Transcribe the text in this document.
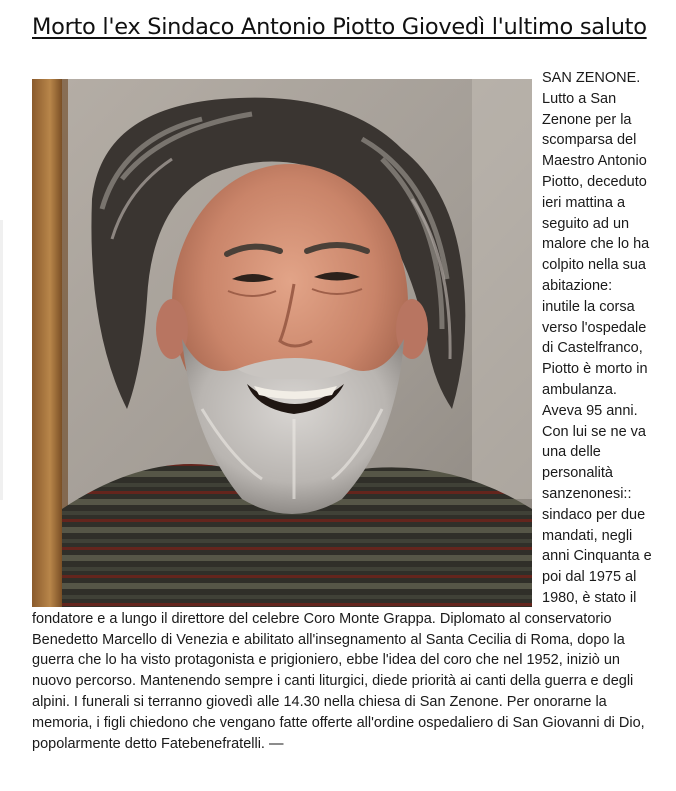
Morto l'ex Sindaco Antonio Piotto Giovedì l'ultimo saluto

SAN ZENONE. Lutto a San Zenone per la scomparsa del Maestro Antonio Piotto, deceduto ieri mattina a seguito ad un malore che lo ha colpito nella sua abitazione: inutile la corsa verso l'ospedale di Castelfranco, Piotto è morto in ambulanza. Aveva 95 anni. Con lui se ne va una delle personalità sanzenonesi:: sindaco per due mandati, negli anni Cinquanta e poi dal 1975 al 1980, è stato il fondatore e a lungo il direttore del celebre Coro Monte Grappa. Diplomato al conservatorio Benedetto Marcello di Venezia e abilitato all'insegnamento al Santa Cecilia di Roma, dopo la guerra che lo ha visto protagonista e prigioniero, ebbe l'idea del coro che nel 1952, iniziò un nuovo percorso. Mantenendo sempre i canti liturgici, diede priorità ai canti della guerra e degli alpini. I funerali si terranno giovedì alle 14.30 nella chiesa di San Zenone. Per onorarne la memoria, i figli chiedono che vengano fatte offerte all'ordine ospedaliero di San Giovanni di Dio, popolarmente detto Fatebenefratelli. —
